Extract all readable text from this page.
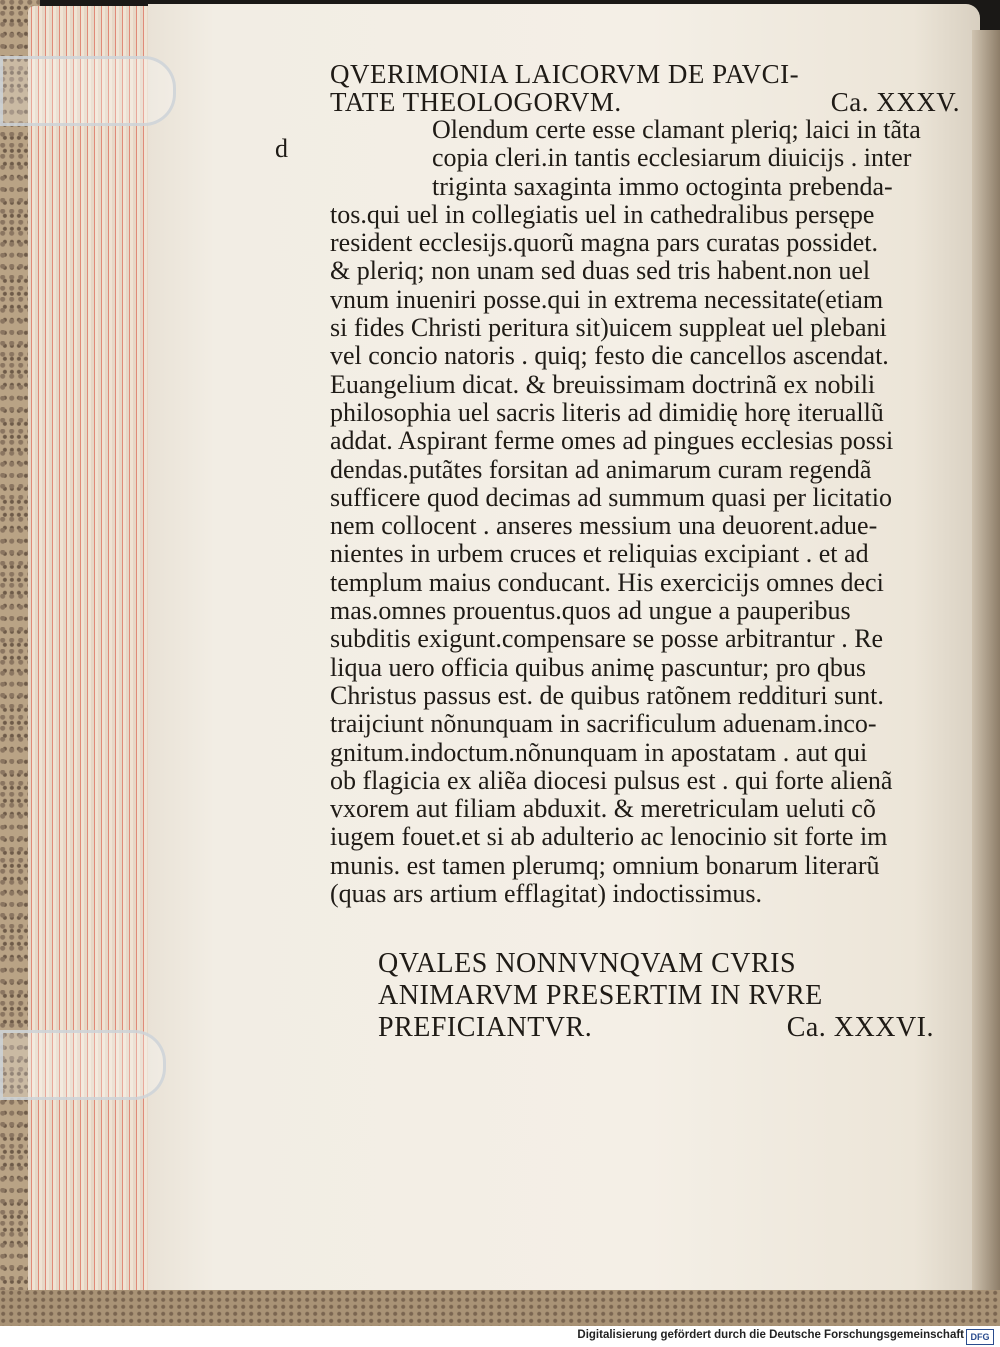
QVERIMONIA LAICORVM DE PAVCI-
TATE THEOLOGORVM.	Ca. XXXV.
d
Olendum certe esse clamant pleriq; laici in tãta
copia cleri.in tantis ecclesiarum diuicijs . inter
triginta saxaginta immo octoginta prebenda-
tos.qui uel in collegiatis uel in cathedralibus persępe
resident ecclesijs.quorũ magna pars curatas possidet.
& pleriq; non unam sed duas sed tris habent.non uel
vnum inueniri posse.qui in extrema necessitate(etiam
si fides Christi peritura sit)uicem suppleat uel plebani
vel concio natoris . quiq; festo die cancellos ascendat.
Euangelium dicat. & breuissimam doctrinã ex nobili
philosophia uel sacris literis ad dimidię horę iteruallũ
addat. Aspirant ferme omes ad pingues ecclesias possi
dendas.putãtes forsitan ad animarum curam regendã
sufficere quod decimas ad summum quasi per licitatio
nem collocent . anseres messium una deuorent.adue-
nientes in urbem cruces et reliquias excipiant . et ad
templum maius conducant. His exercicijs omnes deci
mas.omnes prouentus.quos ad ungue a pauperibus
subditis exigunt.compensare se posse arbitrantur . Re
liqua uero officia quibus animę pascuntur; pro qbus
Christus passus est. de quibus ratõnem reddituri sunt.
traijciunt nõnunquam in sacrificulum aduenam.inco-
gnitum.indoctum.nõnunquam in apostatam . aut qui
ob flagicia ex aliẽa diocesi pulsus est . qui forte alienã
vxorem aut filiam abduxit. & meretriculam ueluti cõ
iugem fouet.et si ab adulterio ac lenocinio sit forte im
munis. est tamen plerumq; omnium bonarum literarũ
(quas ars artium efflagitat) indoctissimus.
QVALES NONNVNQVAM CVRIS
ANIMARVM PRESERTIM IN RVRE
PREFICIANTVR.	Ca. XXXVI.
Digitalisierung gefördert durch die Deutsche Forschungsgemeinschaft DFG
